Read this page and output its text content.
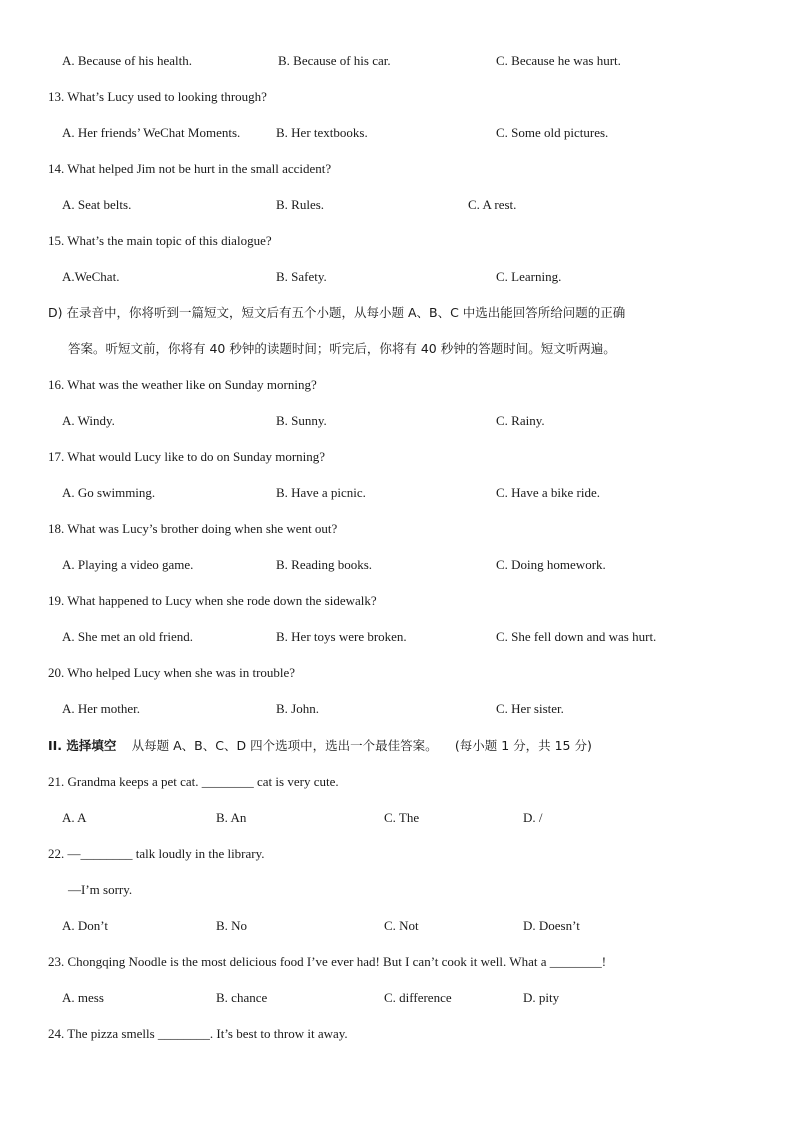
A. Because of his health.	B. Because of his car.	C. Because he was hurt.
13. What’s Lucy used to looking through?
A. Her friends’ WeChat Moments.	B. Her textbooks.	C. Some old pictures.
14. What helped Jim not be hurt in the small accident?
A. Seat belts.	B. Rules.	C. A rest.
15. What’s the main topic of this dialogue?
A.WeChat.	B. Safety.	C. Learning.
D) 在录音中，你将听到一篇短文，短文后有五个小题，从每小题 A、B、C 中选出能回答所给问题的正确
答案。听短文前，你将有 40 秒钟的读题时间；听完后，你将有 40 秒钟的答题时间。短文听两遍。
16. What was the weather like on Sunday morning?
A. Windy.	B. Sunny.	C. Rainy.
17. What would Lucy like to do on Sunday morning?
A. Go swimming.	B. Have a picnic.	C. Have a bike ride.
18. What was Lucy’s brother doing when she went out?
A. Playing a video game.	B. Reading books.	C. Doing homework.
19. What happened to Lucy when she rode down the sidewalk?
A. She met an old friend.	B. Her toys were broken.	C. She fell down and was hurt.
20. Who helped Lucy when she was in trouble?
A. Her mother.	B. John.	C. Her sister.
II. 选择填空 从每题 A、B、C、D 四个选项中，选出一个最佳答案。 (每小题 1 分，共 15 分)
21. Grandma keeps a pet cat. ________ cat is very cute.
A. A	B. An	C. The	D. /
22. —________ talk loudly in the library.
—I’m sorry.
A. Don’t	B. No	C. Not	D. Doesn’t
23. Chongqing Noodle is the most delicious food I’ve ever had! But I can’t cook it well. What a ________!
A. mess	B. chance	C. difference	D. pity
24. The pizza smells ________. It’s best to throw it away.
